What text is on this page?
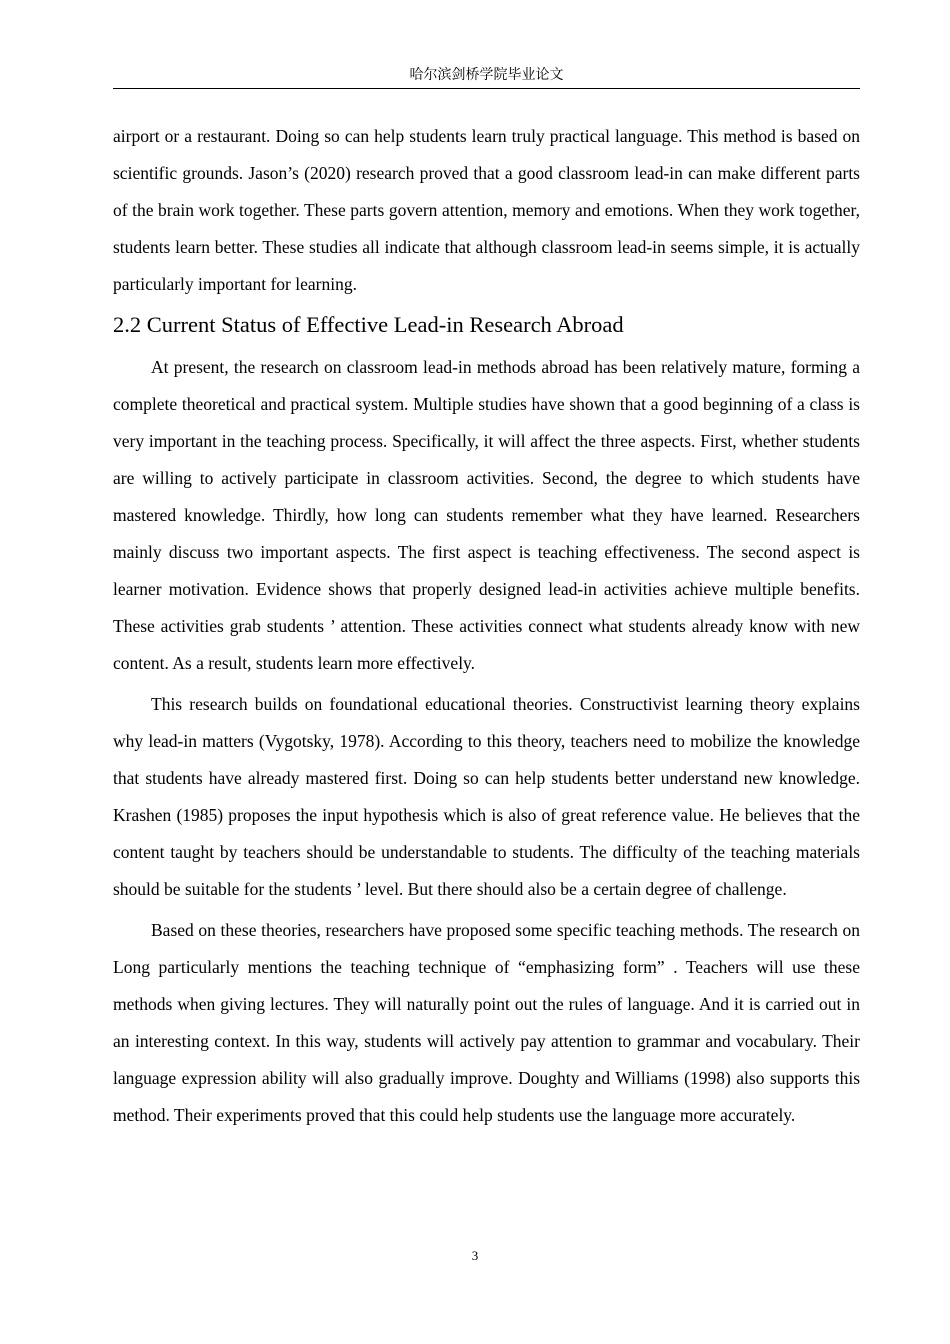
哈尔滨剑桥学院毕业论文

airport or a restaurant. Doing so can help students learn truly practical language. This method is based on scientific grounds. Jason’s (2020) research proved that a good classroom lead-in can make different parts of the brain work together. These parts govern attention, memory and emotions. When they work together, students learn better. These studies all indicate that although classroom lead-in seems simple, it is actually particularly important for learning.

2.2 Current Status of Effective Lead-in Research Abroad

At present, the research on classroom lead-in methods abroad has been relatively mature, forming a complete theoretical and practical system. Multiple studies have shown that a good beginning of a class is very important in the teaching process. Specifically, it will affect the three aspects. First, whether students are willing to actively participate in classroom activities. Second, the degree to which students have mastered knowledge. Thirdly, how long can students remember what they have learned. Researchers mainly discuss two important aspects. The first aspect is teaching effectiveness. The second aspect is learner motivation. Evidence shows that properly designed lead-in activities achieve multiple benefits. These activities grab students ’ attention. These activities connect what students already know with new content. As a result, students learn more effectively.

This research builds on foundational educational theories. Constructivist learning theory explains why lead-in matters (Vygotsky, 1978). According to this theory, teachers need to mobilize the knowledge that students have already mastered first. Doing so can help students better understand new knowledge. Krashen (1985) proposes the input hypothesis which is also of great reference value. He believes that the content taught by teachers should be understandable to students. The difficulty of the teaching materials should be suitable for the students ’ level. But there should also be a certain degree of challenge.

Based on these theories, researchers have proposed some specific teaching methods. The research on Long particularly mentions the teaching technique of “emphasizing form” . Teachers will use these methods when giving lectures. They will naturally point out the rules of language. And it is carried out in an interesting context. In this way, students will actively pay attention to grammar and vocabulary. Their language expression ability will also gradually improve. Doughty and Williams (1998) also supports this method. Their experiments proved that this could help students use the language more accurately.

3
